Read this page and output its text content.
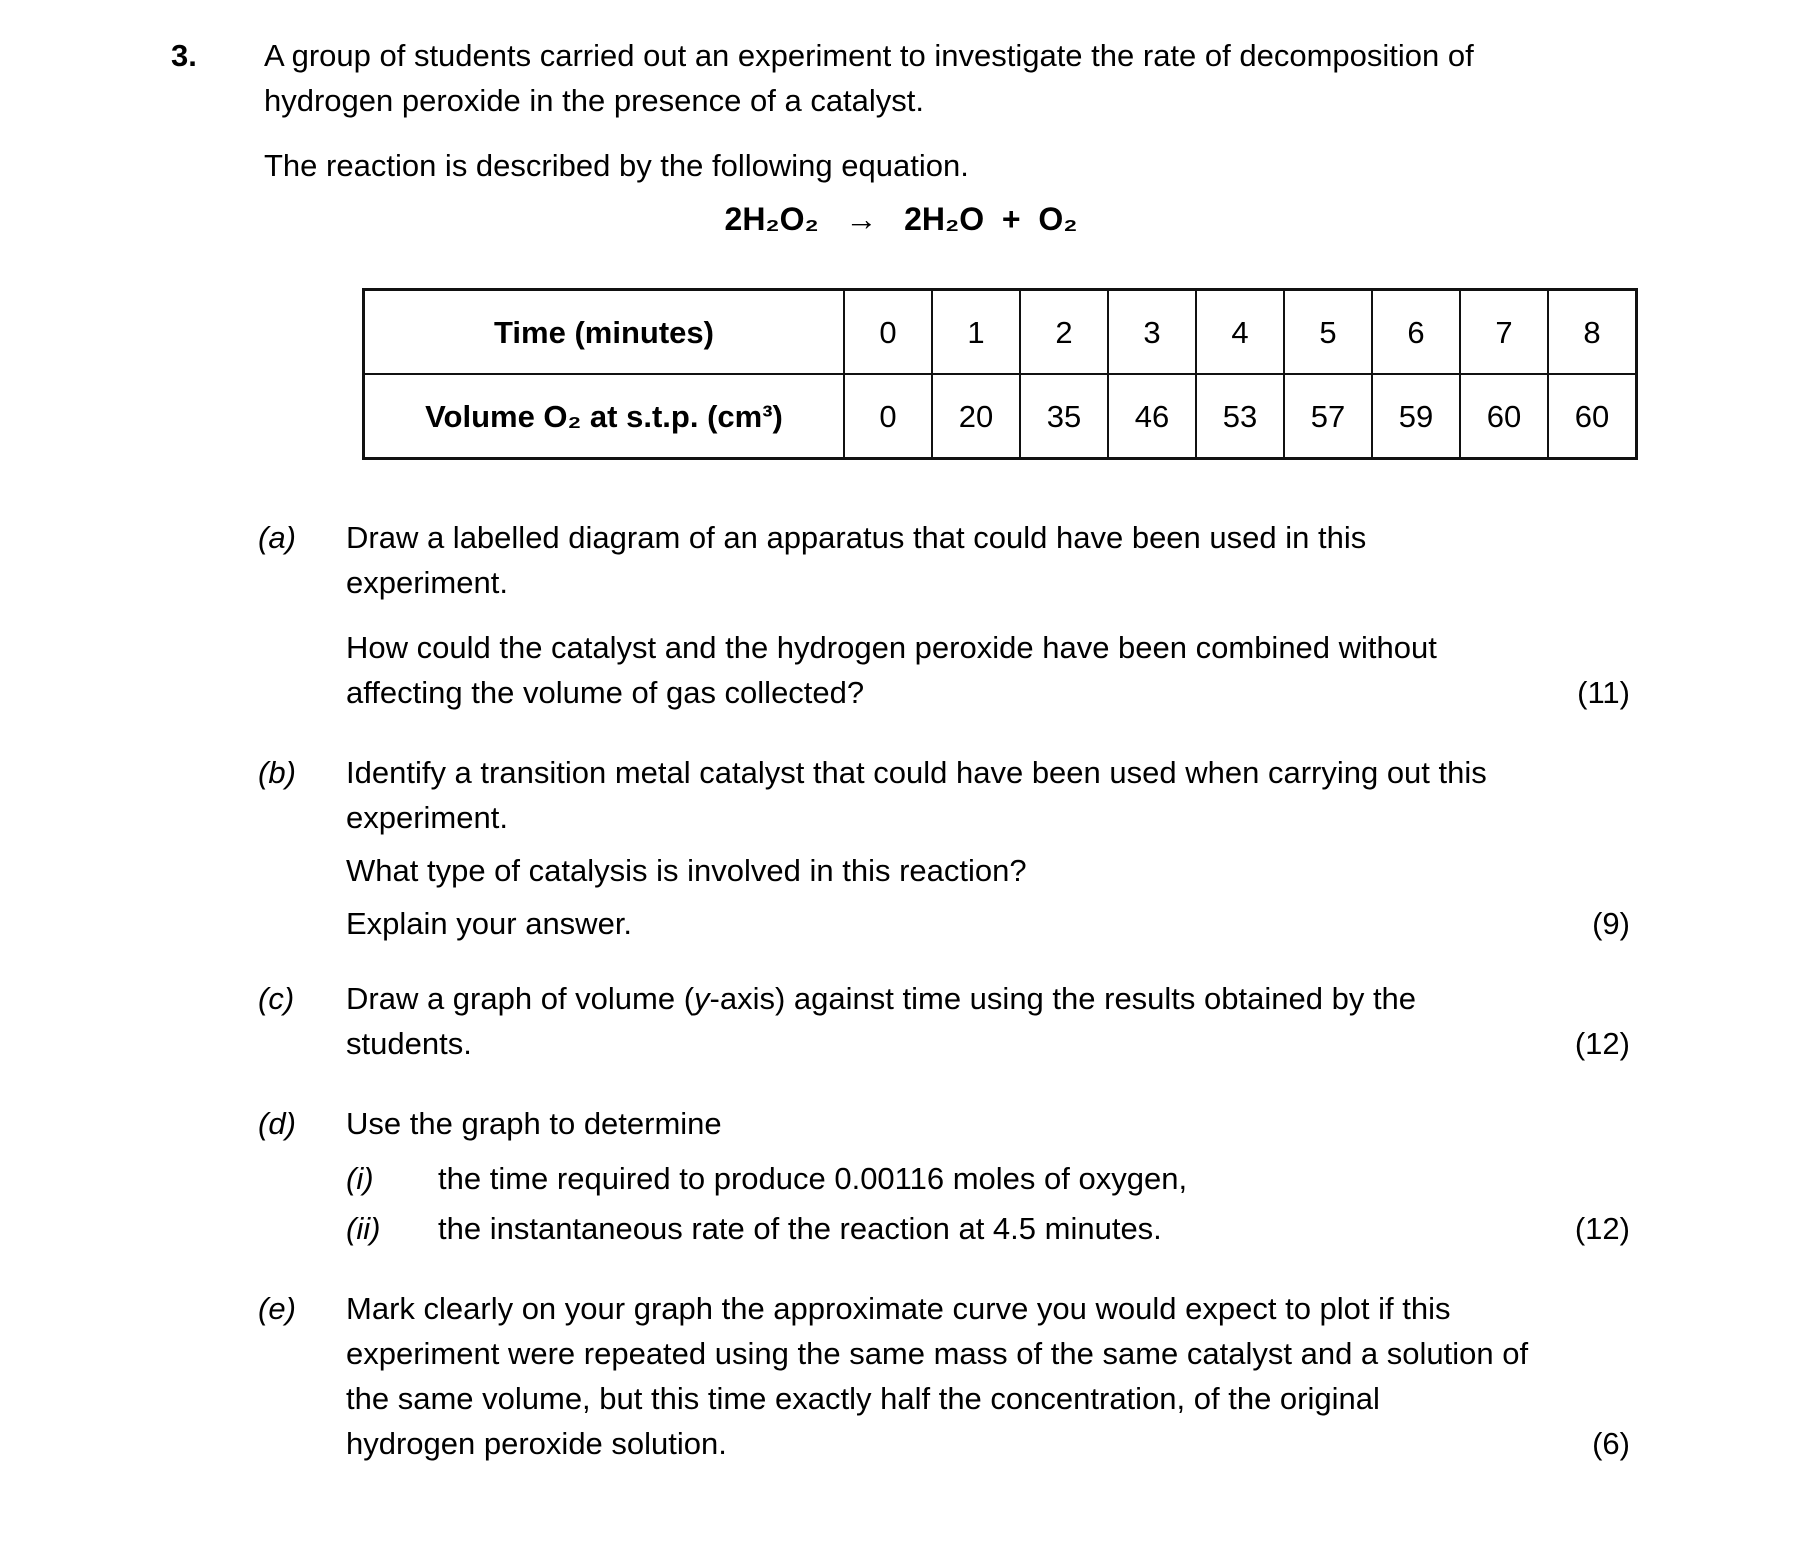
3.	A group of students carried out an experiment to investigate the rate of decomposition of
hydrogen peroxide in the presence of a catalyst.
The reaction is described by the following equation.
2H₂O₂   →   2H₂O  +  O₂
Time (minutes)	0	1	2	3	4	5	6	7	8
Volume O₂ at s.t.p. (cm³)	0	20	35	46	53	57	59	60	60
(a)	Draw a labelled diagram of an apparatus that could have been used in this
experiment.
How could the catalyst and the hydrogen peroxide have been combined without
affecting the volume of gas collected?	(11)
(b)	Identify a transition metal catalyst that could have been used when carrying out this
experiment.
What type of catalysis is involved in this reaction?
Explain your answer.	(9)
(c)	Draw a graph of volume (y-axis) against time using the results obtained by the
students.	(12)
(d)	Use the graph to determine
(i)	the time required to produce 0.00116 moles of oxygen,
(ii)	the instantaneous rate of the reaction at 4.5 minutes.	(12)
(e)	Mark clearly on your graph the approximate curve you would expect to plot if this
experiment were repeated using the same mass of the same catalyst and a solution of
the same volume, but this time exactly half the concentration, of the original
hydrogen peroxide solution.	(6)
